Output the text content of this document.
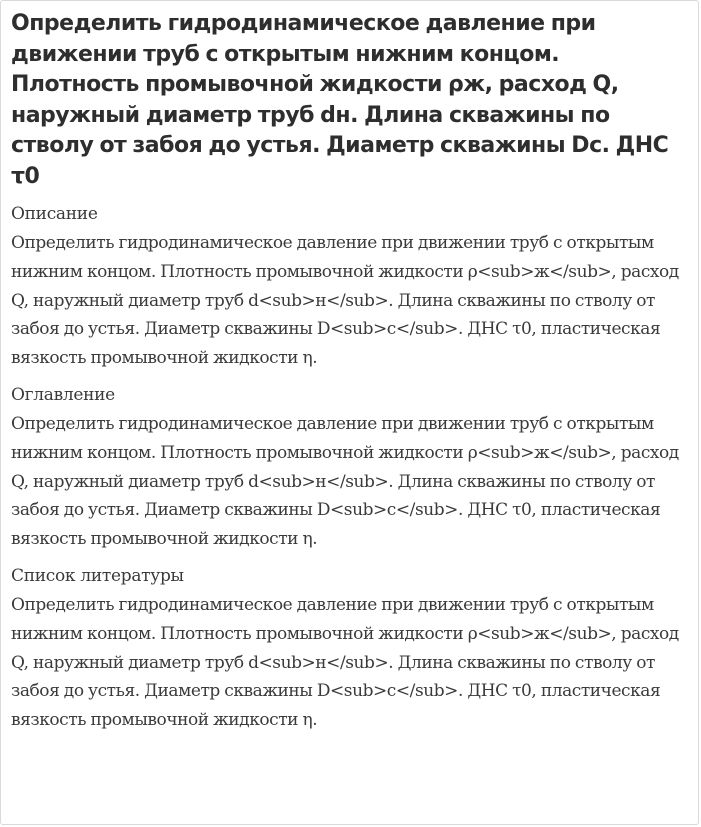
Определить гидродинамическое давление при движении труб с открытым нижним концом. Плотность промывочной жидкости ρж, расход Q, наружный диаметр труб dн. Длина скважины по стволу от забоя до устья. Диаметр скважины Dс. ДНС τ0
Описание

Определить гидродинамическое давление при движении труб с открытым нижним концом. Плотность промывочной жидкости ρ<sub>ж</sub>, расход Q, наружный диаметр труб d<sub>н</sub>. Длина скважины по стволу от забоя до устья. Диаметр скважины D<sub>с</sub>. ДНС τ0, пластическая вязкость промывочной жидкости η.

Оглавление

Определить гидродинамическое давление при движении труб с открытым нижним концом. Плотность промывочной жидкости ρ<sub>ж</sub>, расход Q, наружный диаметр труб d<sub>н</sub>. Длина скважины по стволу от забоя до устья. Диаметр скважины D<sub>с</sub>. ДНС τ0, пластическая вязкость промывочной жидкости η.

Список литературы

Определить гидродинамическое давление при движении труб с открытым нижним концом. Плотность промывочной жидкости ρ<sub>ж</sub>, расход Q, наружный диаметр труб d<sub>н</sub>. Длина скважины по стволу от забоя до устья. Диаметр скважины D<sub>с</sub>. ДНС τ0, пластическая вязкость промывочной жидкости η.
